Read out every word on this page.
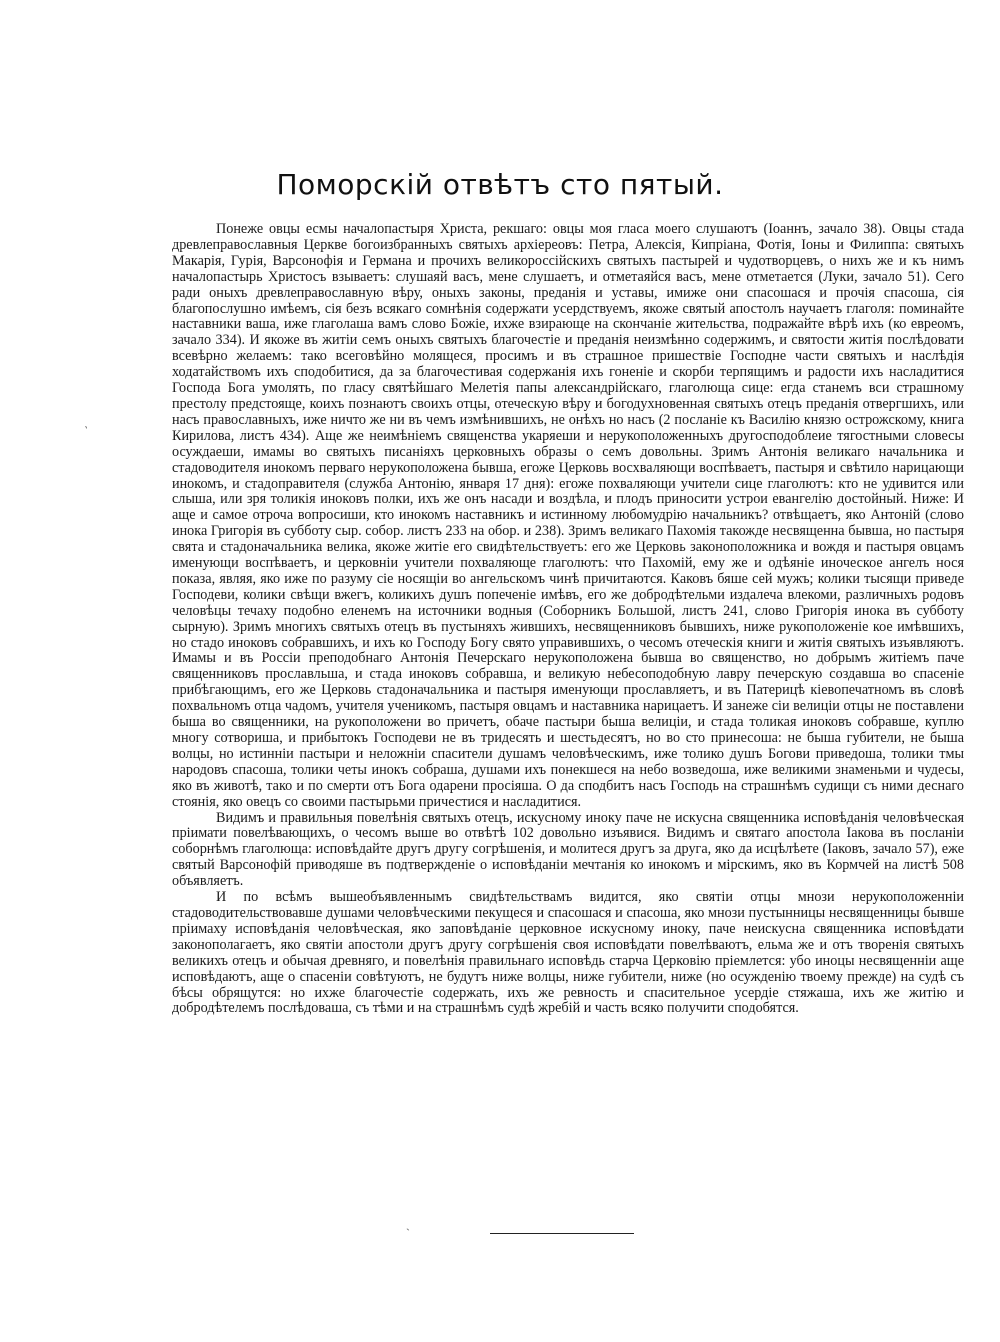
Поморскій отвѣтъ сто пятый.

Понеже овцы есмы началопастыря Христа, рекшаго: овцы моя гласа моего слушаютъ (Іоаннъ, зачало 38). Овцы стада древлеправославныя Церкве богоизбранныхъ святыхъ архіереовъ: Петра, Алексія, Кипріана, Фотія, Іоны и Филиппа: святыхъ Макарія, Гурія, Варсонофія и Германа и прочихъ великороссійскихъ святыхъ пастырей и чудотворцевъ, о нихъ же и къ нимъ началопастырь Христосъ взываетъ: слушаяй васъ, мене слушаетъ, и отметаяйся васъ, мене отметается (Луки, зачало 51). Сего ради оныхъ древлеправославную вѣру, оныхъ законы, преданія и уставы, имиже они спасошася и прочія спасоша, сія благопослушно имѣемъ, сія безъ всякаго сомнѣнія содержати усердствуемъ, якоже святый апостолъ научаетъ глаголя: поминайте наставники ваша, иже глаголаша вамъ слово Божіе, ихже взирающе на скончаніе жительства, подражайте вѣрѣ ихъ (ко евреомъ, зачало 334). И якоже въ житіи семъ оныхъ святыхъ благочестіе и преданія неизмѣнно содержимъ, и святости житія послѣдовати всевѣрно желаемъ: тако всеговѣйно молящеся, просимъ и въ страшное пришествіе Господне части святыхъ и наслѣдія ходатайствомъ ихъ сподобитися, да за благочестивая содержанія ихъ гоненіе и скорби терпящимъ и радости ихъ насладитися Господа Бога умолять, по гласу святѣйшаго Мелетія папы александрійскаго, глаголюща сице: егда станемъ вси страшному престолу предстояще, коихъ познаютъ своихъ отцы, отеческую вѣру и богодухновенная святыхъ отецъ преданія отвергшихъ, или насъ православныхъ, иже ничто же ни въ чемъ измѣнившихъ, не онѣхъ но насъ (2 посланіе къ Василію князю острожскому, книга Кирилова, листъ 434). Аще же неимѣніемъ священства укаряеши и нерукоположенныхъ другосподоблеие тягостными словесы осуждаеши, имамы во святыхъ писаніяхъ церковныхъ образы о семъ довольны. Зримъ Антонія великаго начальника и стадоводителя инокомъ перваго нерукоположена бывша, егоже Церковь восхваляющи воспѣваетъ, пастыря и свѣтило нарицающи инокомъ, и стадоправителя (служба Антонію, января 17 дня): егоже похваляющи учители сице глаголютъ: кто не удивится или слыша, или зря толикія иноковъ полки, ихъ же онъ насади и воздѣла, и плодъ приносити устрои евангелію достойный. Ниже: И аще и самое отроча вопросиши, кто инокомъ наставникъ и истинному любомудрію начальникъ? отвѣщаетъ, яко Антоній (слово инока Григорія въ субботу сыр. собор. листъ 233 на обор. и 238). Зримъ великаго Пахомія такожде несвященна бывша, но пастыря свята и стадоначальника велика, якоже житіе его свидѣтельствуетъ: его же Церковь законоположника и вождя и пастыря овцамъ именующи воспѣваетъ, и церковніи учители похваляюще глаголютъ: что Пахомій, ему же и одѣяніе иноческое ангелъ нося показа, являя, яко иже по разуму сіе носящіи во ангельскомъ чинѣ причитаются. Каковъ бяше сей мужъ; колики тысящи приведе Господеви, колики свѣщи вжегъ, коликихъ душъ попеченіе имѣвъ, его же добродѣтельми издалеча влекоми, различныхъ родовъ человѣцы течаху подобно еленемъ на источники водныя (Соборникъ Большой, листъ 241, слово Григорія инока въ субботу сырную). Зримъ многихъ святыхъ отецъ въ пустыняхъ жившихъ, несвященниковъ бывшихъ, ниже рукоположеніе кое имѣвшихъ, но стадо иноковъ собравшихъ, и ихъ ко Господу Богу свято управившихъ, о чесомъ отеческія книги и житія святыхъ изъявляютъ. Имамы и въ Россіи преподобнаго Антонія Печерскаго нерукоположена бывша во священство, но добрымъ житіемъ паче священниковъ прославльша, и стада иноковъ собравша, и великую небесоподобную лавру печерскую создавша во спасеніе прибѣгающимъ, его же Церковь стадоначальника и пастыря именующи прославляетъ, и въ Патерицѣ кіевопечатномъ въ словѣ похвальномъ отца чадомъ, учителя ученикомъ, пастыря овцамъ и наставника нарицаетъ. И занеже сіи велиціи отцы не поставлени быша во священники, на рукоположени во причетъ, обаче пастыри быша велиціи, и стада толикая иноковъ собравше, куплю многу сотвориша, и прибытокъ Господеви не въ тридесять и шестьдесятъ, но во сто принесоша: не быша губители, не быша волцы, но истинніи пастыри и неложніи спасители душамъ человѣческимъ, иже толико душъ Богови приведоша, толики тмы народовъ спасоша, толики четы инокъ собраша, душами ихъ понекшеся на небо возведоша, иже великими знаменьми и чудесы, яко въ животѣ, тако и по смерти отъ Бога одарени просіяша. О да сподбитъ насъ Господь на страшнѣмъ судищи съ ними деснаго стоянія, яко овецъ со своими пастырьми причестися и насладитися.

Видимъ и правильныя повелѣнія святыхъ отецъ, искусному иноку паче не искусна священника исповѣданія человѣческая пріимати повелѣвающихъ, о чесомъ выше во отвѣтѣ 102 довольно изъявися. Видимъ и святаго апостола Іакова въ посланіи соборнѣмъ глаголюща: исповѣдайте другъ другу согрѣшенія, и молитеся другъ за друга, яко да исцѣлѣете (Іаковъ, зачало 57), еже святый Варсонофій приводяше въ подтвержденіе о исповѣданіи мечтанія ко инокомъ и мірскимъ, яко въ Кормчей на листѣ 508 объявляетъ.

И по всѣмъ вышеобъявленнымъ свидѣтельствамъ видится, яко святіи отцы мнози нерукоположенніи стадоводительствовавше душами человѣческими пекущеся и спасошася и спасоша, яко мнози пустынницы несвященницы бывше пріимаху исповѣданія человѣческая, яко заповѣданіе церковное искусному иноку, паче неискусна священника исповѣдати законополагаетъ, яко святіи апостоли другъ другу согрѣшенія своя исповѣдати повелѣваютъ, ельма же и отъ творенія святыхъ великихъ отецъ и обычая древняго, и повелѣнія правильнаго исповѣдь старча Церковію пріемлется: убо иноцы несвященніи аще исповѣдаютъ, аще о спасеніи совѣтуютъ, не будутъ ниже волцы, ниже губители, ниже (но осужденію твоему прежде) на судѣ съ бѣсы обрящутся: но ихже благочестіе содержать, ихъ же ревность и спасительное усердіе стяжаша, ихъ же житію и добродѣтелемъ послѣдоваша, съ тѣми и на страшнѣмъ судѣ жребій и часть всяко получити сподобятся.

ˏ
ˋ
